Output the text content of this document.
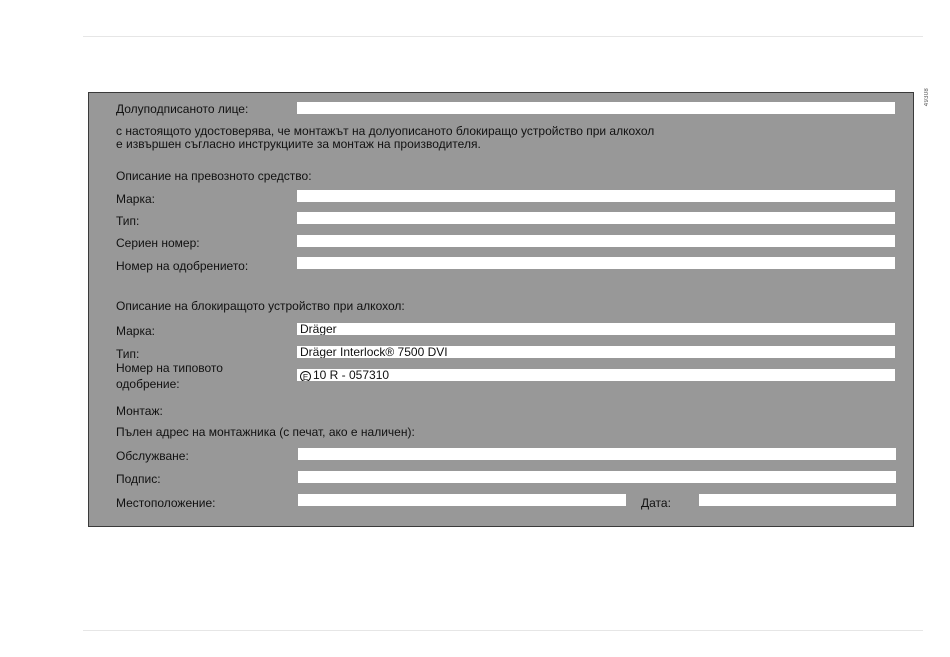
49308
Долуподписаното лице:
с настоящото удостоверява, че монтажът на долуописаното блокиращо устройство при алкохол
е извършен съгласно инструкциите за монтаж на производителя.
Описание на превозното средство:
Марка:
Тип:
Сериен номер:
Номер на одобрението:
Описание на блокиращото устройство при алкохол:
Марка:	Dräger
Тип:	Dräger Interlock® 7500 DVI
Номер на типовото
одобрение:	E 10 R - 057310
Монтаж:
Пълен адрес на монтажника (с печат, ако е наличен):
Обслужване:
Подпис:
Местоположение:	Дата:
